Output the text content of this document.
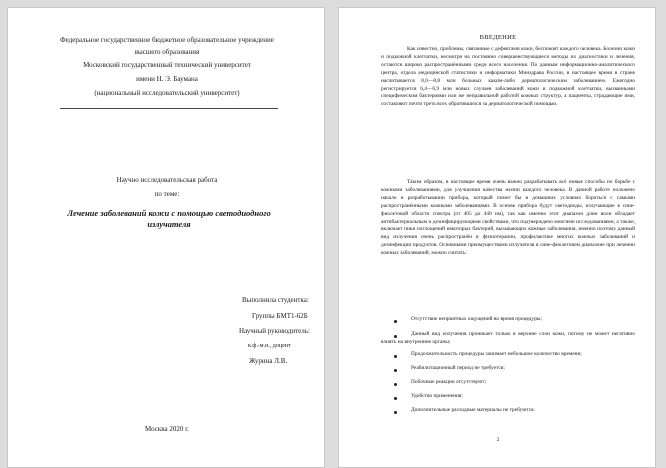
Федеральное государственное бюджетное образовательное учреждение
высшего образования
Московский государственный технический университет
имени Н. Э. Баумана
(национальный исследовательский университет)
Научно исследовательская работа
по теме:
Лечение заболеваний кожи с помощью светодиодного излучателя
Выполнила студентка:
Группы БМТ1-62Б
Научный руководитель:
к.ф.-м.н., доцент
Журина Л.В.
Москва 2020 г.
ВВЕДЕНИЕ
Как известно, проблемы, связанные с дефектами кожи, беспокоят каждого человека. Болезни кожи и подкожной клетчатки, несмотря на постоянно совершенствующиеся методы их диагностики и лечения, остаются широко распространёнными среди всего населения. По данным информационно-аналитического центра, отдела медицинской статистики и информатики Минздрава России, в настоящее время в стране насчитывается 8,0—8,8 млн больных каким-либо дерматологическим заболеванием. Ежегодно регистрируется 6,4—6,9 млн новых случаев заболеваний кожи и подкожной клетчатки, вызванными специфическим бактериями или же неправильной работой кожных структур, а пациенты, страдающие ими, составляют почти треть всех обратившихся за дерматологической помощью.
Таким образом, в настоящее время очень важно разрабатывать всё новые способы по борьбе с кожными заболеваниями, для улучшения качества жизни каждого человека. В данной работе положено начало в разработывании прибора, который помог бы в домашних условиях бороться с самыми распространёнными кожными заболеваниями. В основе прибора будут светодиоды, излучающие в сине-фиолетовой области спектра (от 405 до 440 нм), так как именно этот диапазон длин волн обладает антибактериальным и дезинфицирующими свойствами, что подтверждено многими исследованиями, а также, включает пики поглощений некоторых бактерий, вызывающих кожные заболевания, именно поэтому данный вид излучения очень распространён в физиотерапии, профилактике многих кожных заболеваний и дезинфекции продуктов. Основными преимуществами излучателя в сине-фиолетовом диапазоне при лечении кожных заболеваний, можно считать:
Отсутствие неприятных ощущений во время процедуры;
Данный вид излучения проникает только в верхние слои кожи, потому не может негативно влиять на внутренние органы;
Продолжительность процедуры занимает небольшое количество времени;
Реабилитационный период не требуется;
Побочные реакции отсутствуют;
Удобство применения;
Дополнительные расходные материалы не требуются.
2
